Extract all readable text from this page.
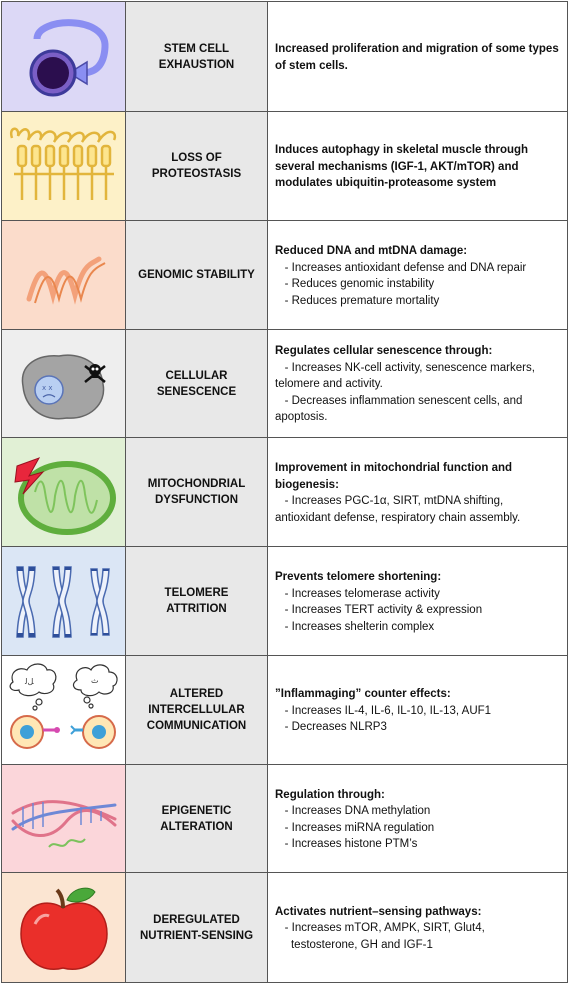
STEM CELL
EXHAUSTION
Increased proliferation and migration of some types of stem cells.
LOSS OF
PROTEOSTASIS
Induces autophagy in skeletal muscle through several mechanisms (IGF-1, AKT/mTOR) and modulates ubiquitin-proteasome system
GENOMIC STABILITY
Reduced DNA and mtDNA damage:
- Increases antioxidant defense and DNA repair
- Reduces genomic instability
- Reduces premature mortality
x x
CELLULAR
SENESCENCE
Regulates cellular senescence through:
- Increases NK-cell activity, senescence markers, telomere and activity.
- Decreases inflammation senescent cells, and apoptosis.
MITOCHONDRIAL
DYSFUNCTION
Improvement in mitochondrial function and biogenesis:
- Increases PGC-1α, SIRT, mtDNA shifting, antioxidant defense, respiratory chain assembly.
TELOMERE
ATTRITION
Prevents telomere shortening:
- Increases telomerase activity
- Increases TERT activity & expression
- Increases shelterin complex
ﻞﻟ	ﺙ
ALTERED
INTERCELLULAR
COMMUNICATION
”Inflammaging” counter effects:
- Increases IL-4, IL-6, IL-10, IL-13, AUF1
- Decreases NLRP3
EPIGENETIC
ALTERATION
Regulation through:
- Increases DNA methylation
- Increases miRNA regulation
- Increases histone PTM’s
DEREGULATED
NUTRIENT-SENSING
Activates nutrient–sensing pathways:
- Increases mTOR, AMPK, SIRT, Glut4,
testosterone, GH and IGF-1
